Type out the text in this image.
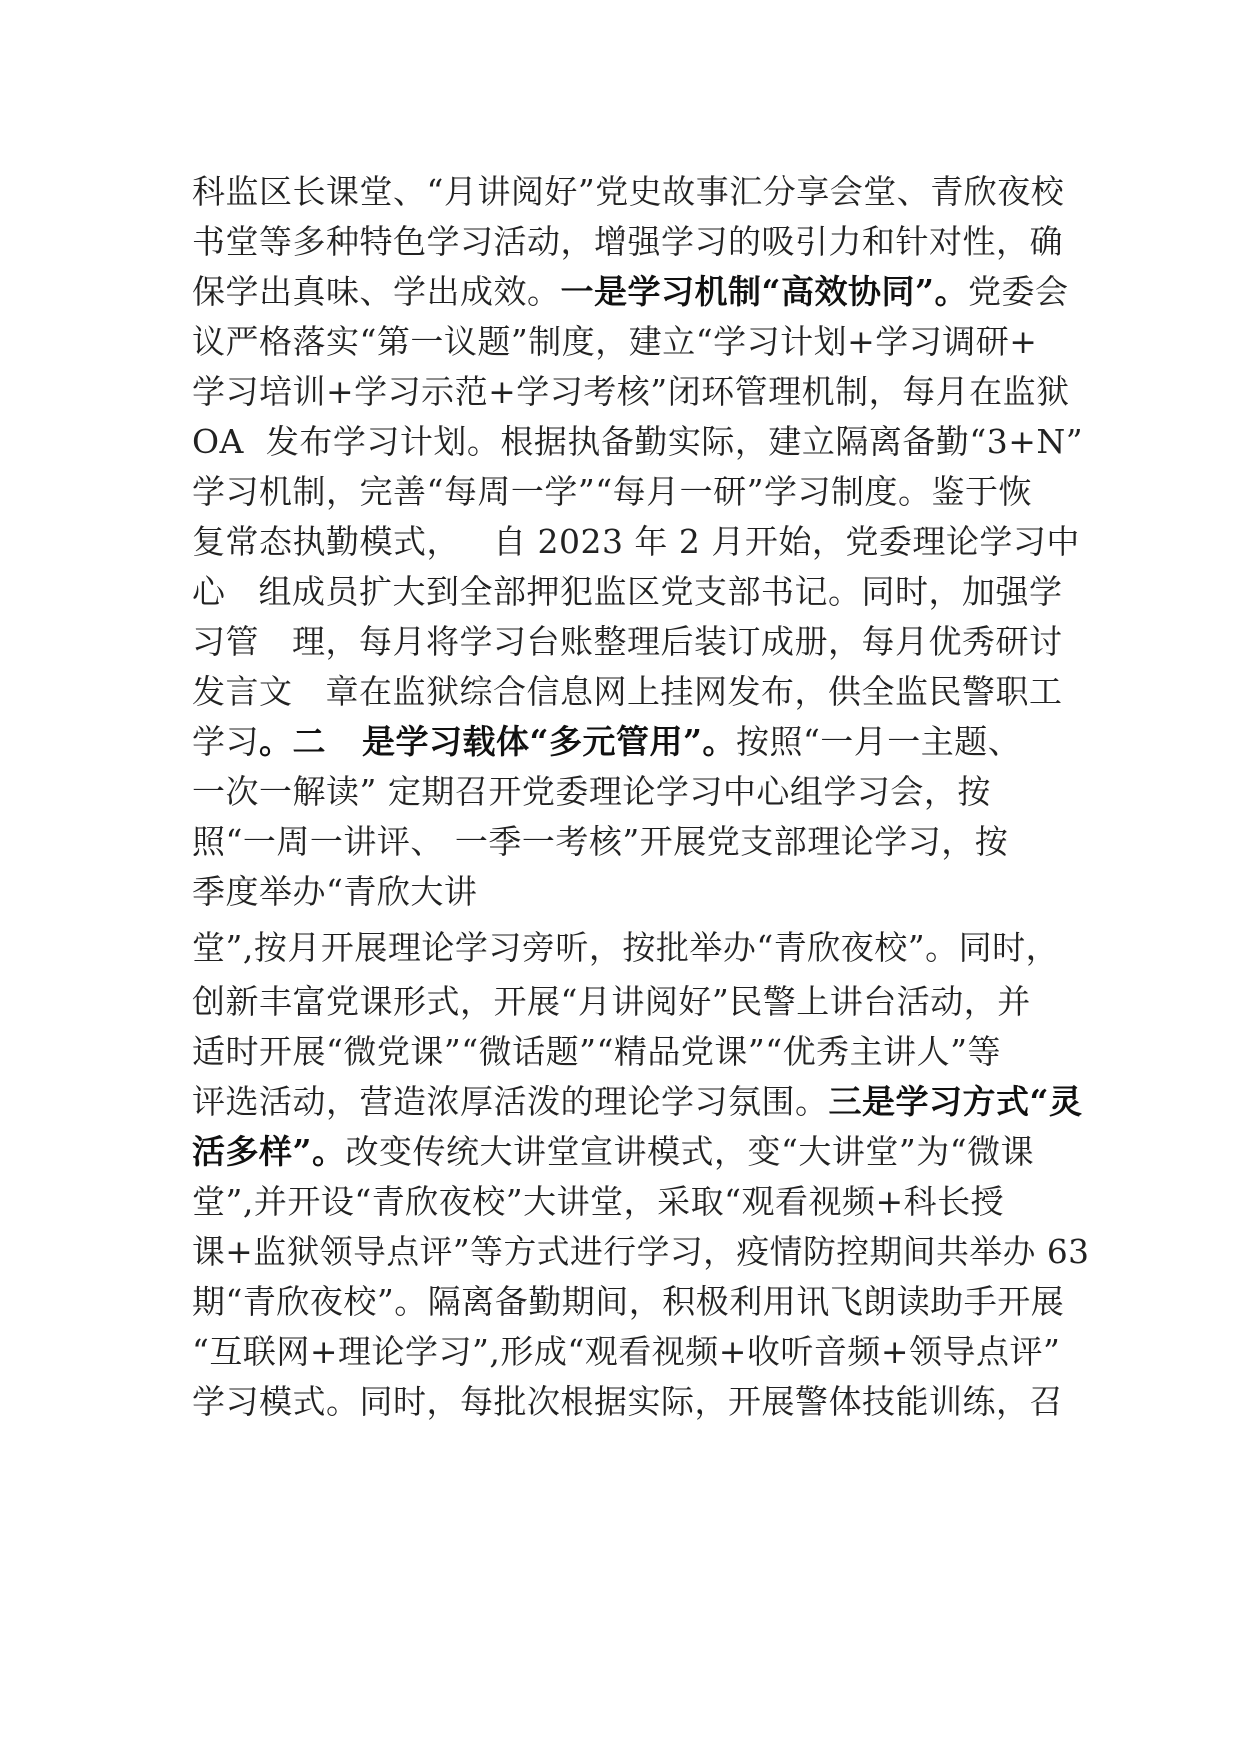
科监区长课堂、“月讲阅好”党史故事汇分享会堂、青欣夜校
书堂等多种特色学习活动，增强学习的吸引力和针对性，确
保学出真味、学出成效。一是学习机制“高效协同”。党委会
议严格落实“第一议题”制度，建立“学习计划+学习调研+
学习培训+学习示范+学习考核”闭环管理机制，每月在监狱
OA  发布学习计划。根据执备勤实际，建立隔离备勤“3+N”
学习机制，完善“每周一学”“每月一研”学习制度。鉴于恢
复常态执勤模式，   自 2023 年 2 月开始，党委理论学习中
心   组成员扩大到全部押犯监区党支部书记。同时，加强学
习管   理，每月将学习台账整理后装订成册，每月优秀研讨
发言文   章在监狱综合信息网上挂网发布，供全监民警职工
学习。二   是学习载体“多元管用”。按照“一月一主题、
一次一解读” 定期召开党委理论学习中心组学习会，按
照“一周一讲评、 一季一考核”开展党支部理论学习，按
季度举办“青欣大讲
堂”,按月开展理论学习旁听，按批举办“青欣夜校”。同时，
创新丰富党课形式，开展“月讲阅好”民警上讲台活动，并
适时开展“微党课”“微话题”“精品党课”“优秀主讲人”等
评选活动，营造浓厚活泼的理论学习氛围。三是学习方式“灵
活多样”。改变传统大讲堂宣讲模式，变“大讲堂”为“微课
堂”,并开设“青欣夜校”大讲堂，采取“观看视频+科长授
课+监狱领导点评”等方式进行学习，疫情防控期间共举办 63
期“青欣夜校”。隔离备勤期间，积极利用讯飞朗读助手开展
“互联网+理论学习”,形成“观看视频+收听音频+领导点评”
学习模式。同时，每批次根据实际，开展警体技能训练，召
